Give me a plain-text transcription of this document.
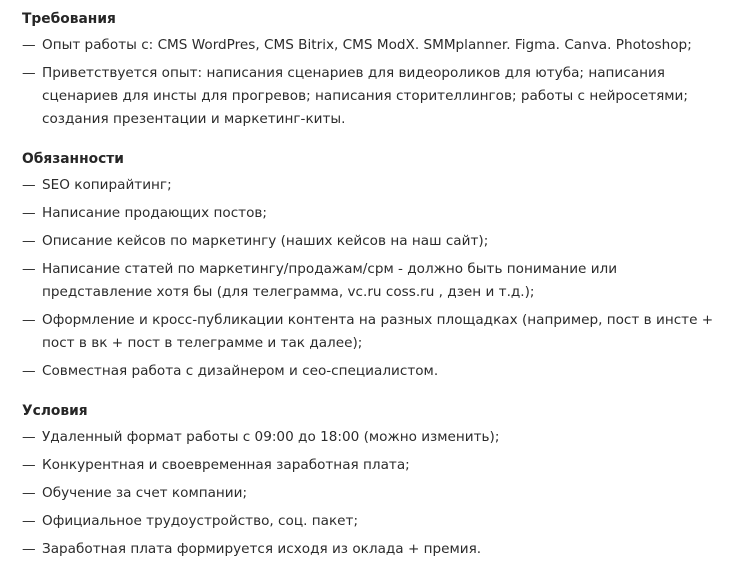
Требования
— Опыт работы с: CMS WordPres, CMS Bitrix, CMS ModX. SMMplanner. Figma. Canva. Photoshop;
— Приветствуется опыт: написания сценариев для видеороликов для ютуба; написания сценариев для инсты для прогревов; написания сторителлингов; работы с нейросетями; создания презентации и маркетинг-киты.
Обязанности
— SEO копирайтинг;
— Написание продающих постов;
— Описание кейсов по маркетингу (наших кейсов на наш сайт);
— Написание статей по маркетингу/продажам/срм - должно быть понимание или представление хотя бы (для телеграмма, vc.ru coss.ru , дзен и т.д.);
— Оформление и кросс-публикации контента на разных площадках (например, пост в инсте + пост в вк + пост в телеграмме и так далее);
— Совместная работа с дизайнером и сео-специалистом.
Условия
— Удаленный формат работы с 09:00 до 18:00 (можно изменить);
— Конкурентная и своевременная заработная плата;
— Обучение за счет компании;
— Официальное трудоустройство, соц. пакет;
— Заработная плата формируется исходя из оклада + премия.
